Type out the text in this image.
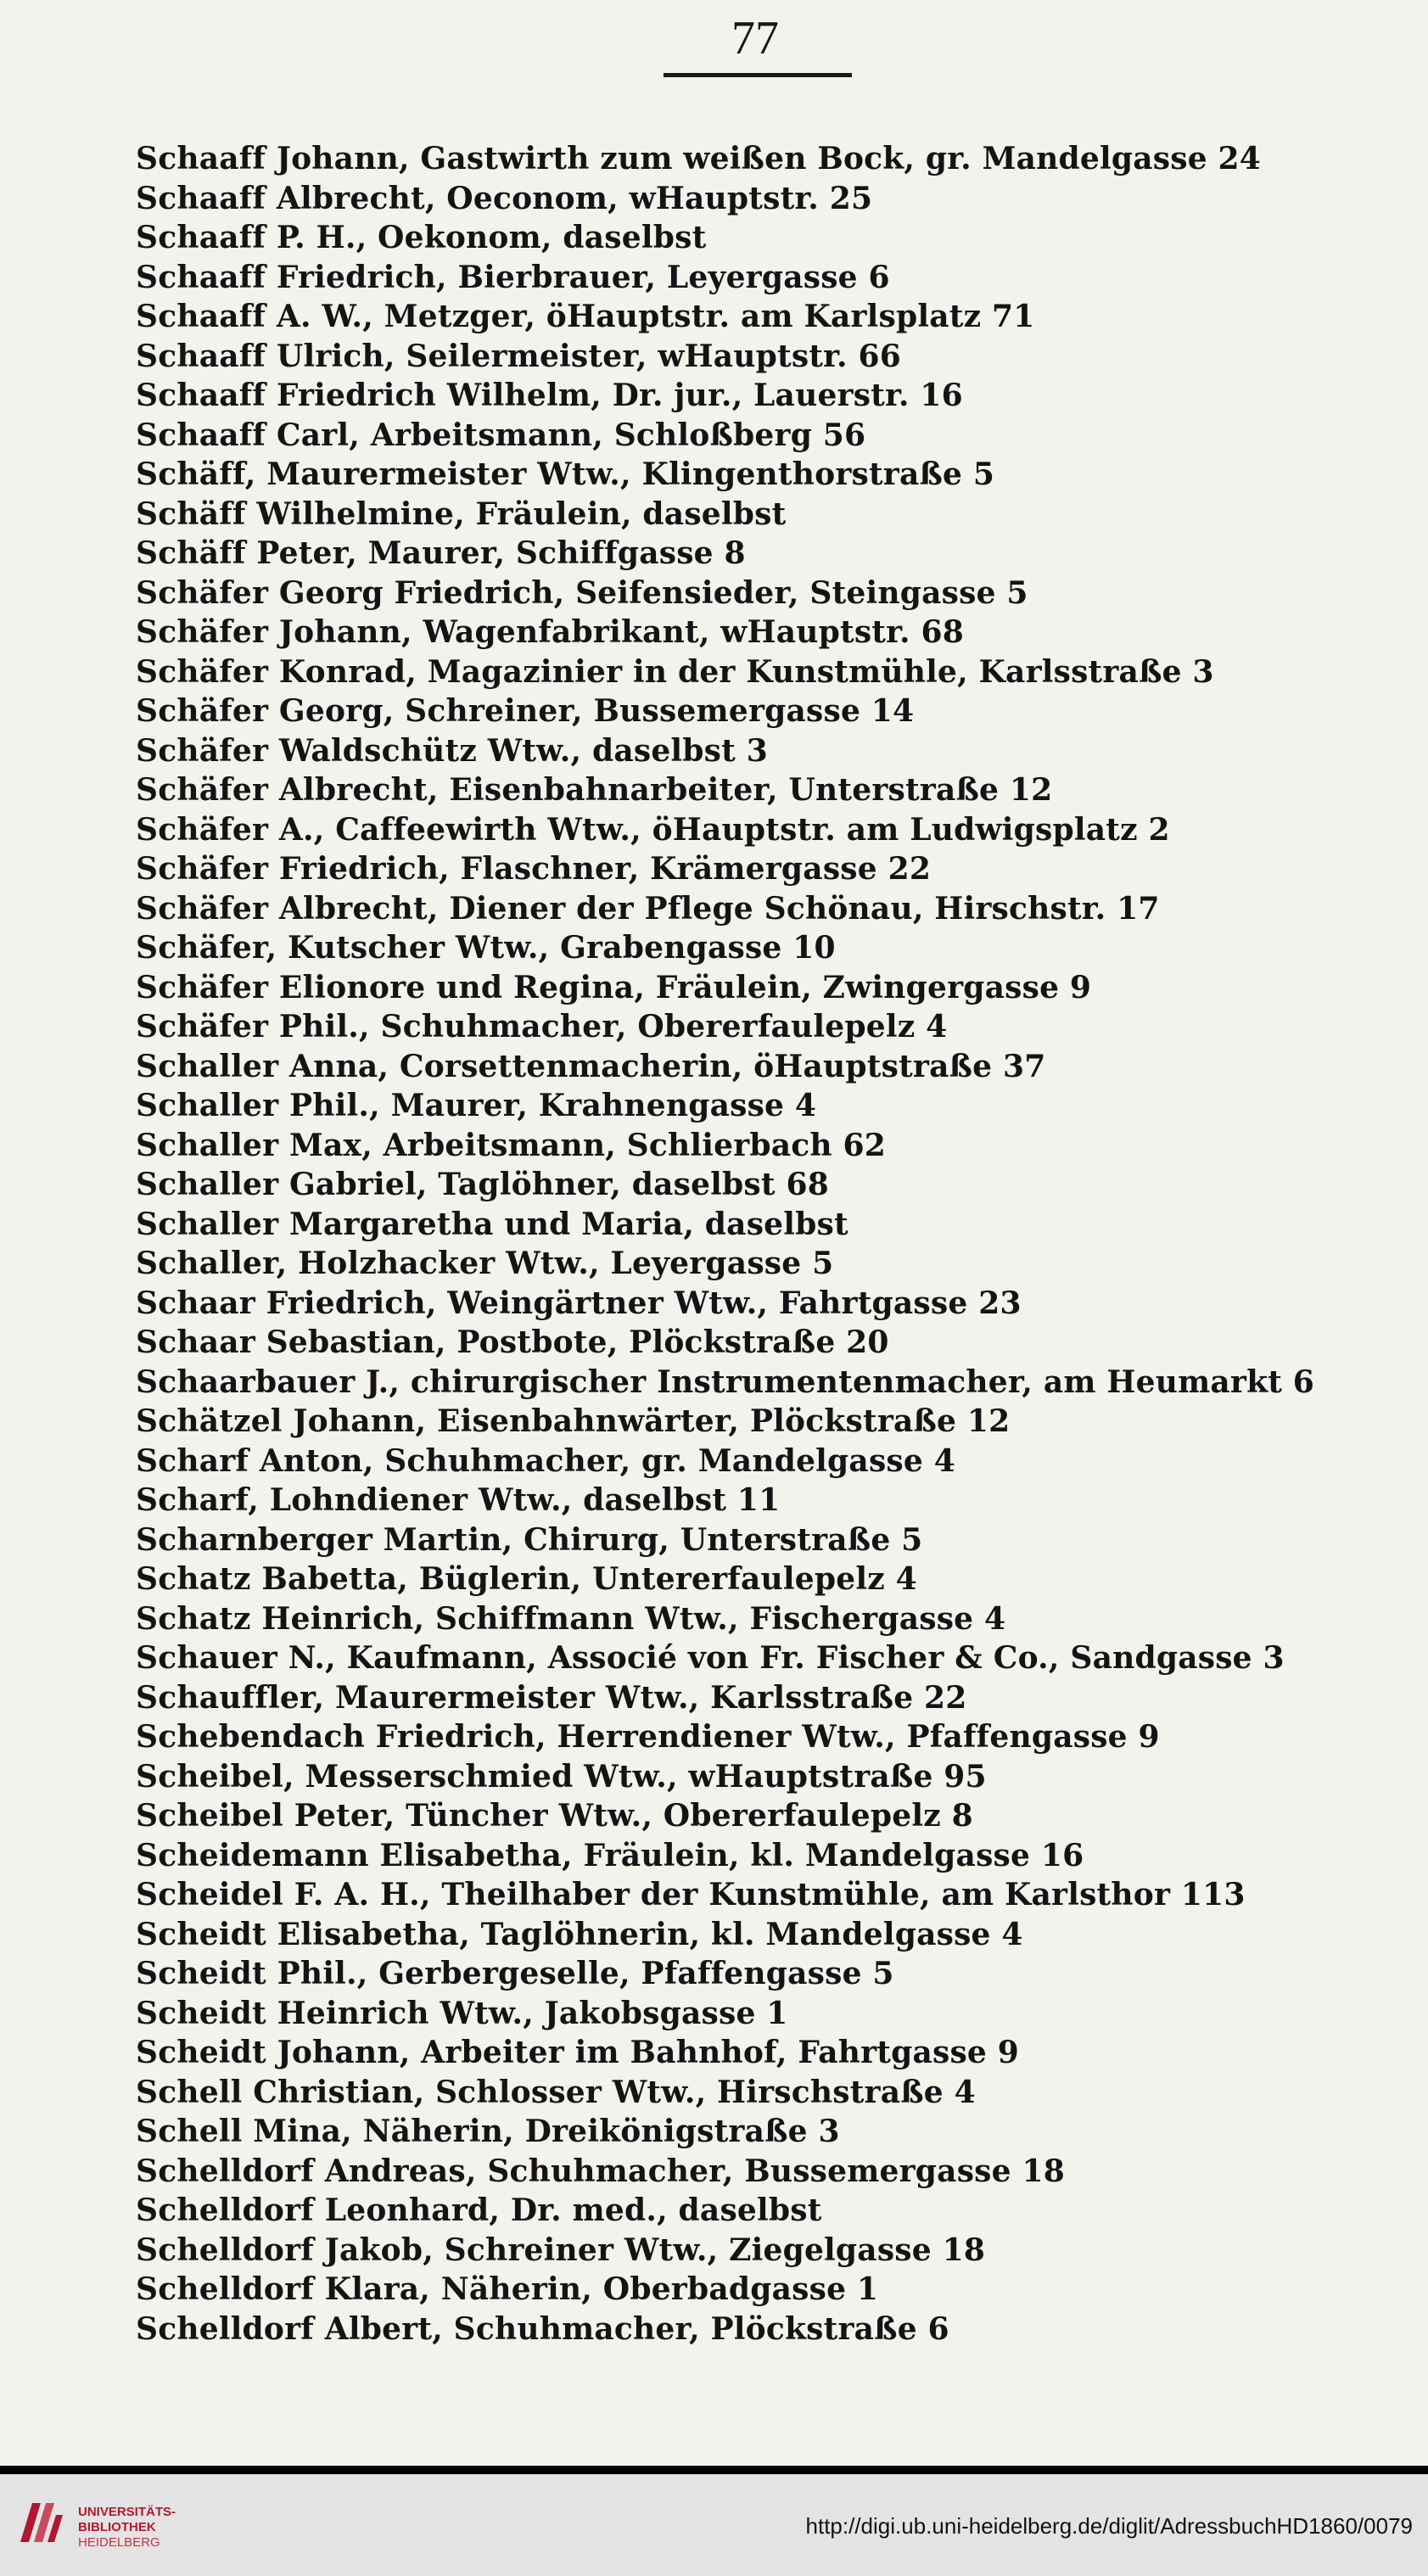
77
Schaaff Johann, Gastwirth zum weißen Bock, gr. Mandelgasse 24
Schaaff Albrecht, Oeconom, wHauptstr. 25
Schaaff P. H., Oekonom, daselbst
Schaaff Friedrich, Bierbrauer, Leyergasse 6
Schaaff A. W., Metzger, öHauptstr. am Karlsplatz 71
Schaaff Ulrich, Seilermeister, wHauptstr. 66
Schaaff Friedrich Wilhelm, Dr. jur., Lauerstr. 16
Schaaff Carl, Arbeitsmann, Schloßberg 56
Schäff, Maurermeister Wtw., Klingenthorstraße 5
Schäff Wilhelmine, Fräulein, daselbst
Schäff Peter, Maurer, Schiffgasse 8
Schäfer Georg Friedrich, Seifensieder, Steingasse 5
Schäfer Johann, Wagenfabrikant, wHauptstr. 68
Schäfer Konrad, Magazinier in der Kunstmühle, Karlsstraße 3
Schäfer Georg, Schreiner, Bussemergasse 14
Schäfer Waldschütz Wtw., daselbst 3
Schäfer Albrecht, Eisenbahnarbeiter, Unterstraße 12
Schäfer A., Caffeewirth Wtw., öHauptstr. am Ludwigsplatz 2
Schäfer Friedrich, Flaschner, Krämergasse 22
Schäfer Albrecht, Diener der Pflege Schönau, Hirschstr. 17
Schäfer, Kutscher Wtw., Grabengasse 10
Schäfer Elionore und Regina, Fräulein, Zwingergasse 9
Schäfer Phil., Schuhmacher, Obererfaulepelz 4
Schaller Anna, Corsettenmacherin, öHauptstraße 37
Schaller Phil., Maurer, Krahnengasse 4
Schaller Max, Arbeitsmann, Schlierbach 62
Schaller Gabriel, Taglöhner, daselbst 68
Schaller Margaretha und Maria, daselbst
Schaller, Holzhacker Wtw., Leyergasse 5
Schaar Friedrich, Weingärtner Wtw., Fahrtgasse 23
Schaar Sebastian, Postbote, Plöckstraße 20
Schaarbauer J., chirurgischer Instrumentenmacher, am Heumarkt 6
Schätzel Johann, Eisenbahnwärter, Plöckstraße 12
Scharf Anton, Schuhmacher, gr. Mandelgasse 4
Scharf, Lohndiener Wtw., daselbst 11
Scharnberger Martin, Chirurg, Unterstraße 5
Schatz Babetta, Büglerin, Untererfaulepelz 4
Schatz Heinrich, Schiffmann Wtw., Fischergasse 4
Schauer N., Kaufmann, Associé von Fr. Fischer & Co., Sandgasse 3
Schauffler, Maurermeister Wtw., Karlsstraße 22
Schebendach Friedrich, Herrendiener Wtw., Pfaffengasse 9
Scheibel, Messerschmied Wtw., wHauptstraße 95
Scheibel Peter, Tüncher Wtw., Obererfaulepelz 8
Scheidemann Elisabetha, Fräulein, kl. Mandelgasse 16
Scheidel F. A. H., Theilhaber der Kunstmühle, am Karlsthor 113
Scheidt Elisabetha, Taglöhnerin, kl. Mandelgasse 4
Scheidt Phil., Gerbergeselle, Pfaffengasse 5
Scheidt Heinrich Wtw., Jakobsgasse 1
Scheidt Johann, Arbeiter im Bahnhof, Fahrtgasse 9
Schell Christian, Schlosser Wtw., Hirschstraße 4
Schell Mina, Näherin, Dreikönigstraße 3
Schelldorf Andreas, Schuhmacher, Bussemergasse 18
Schelldorf Leonhard, Dr. med., daselbst
Schelldorf Jakob, Schreiner Wtw., Ziegelgasse 18
Schelldorf Klara, Näherin, Oberbadgasse 1
Schelldorf Albert, Schuhmacher, Plöckstraße 6
UNIVERSITÄTS-
BIBLIOTHEK
HEIDELBERG
http://digi.ub.uni-heidelberg.de/diglit/AdressbuchHD1860/0079
